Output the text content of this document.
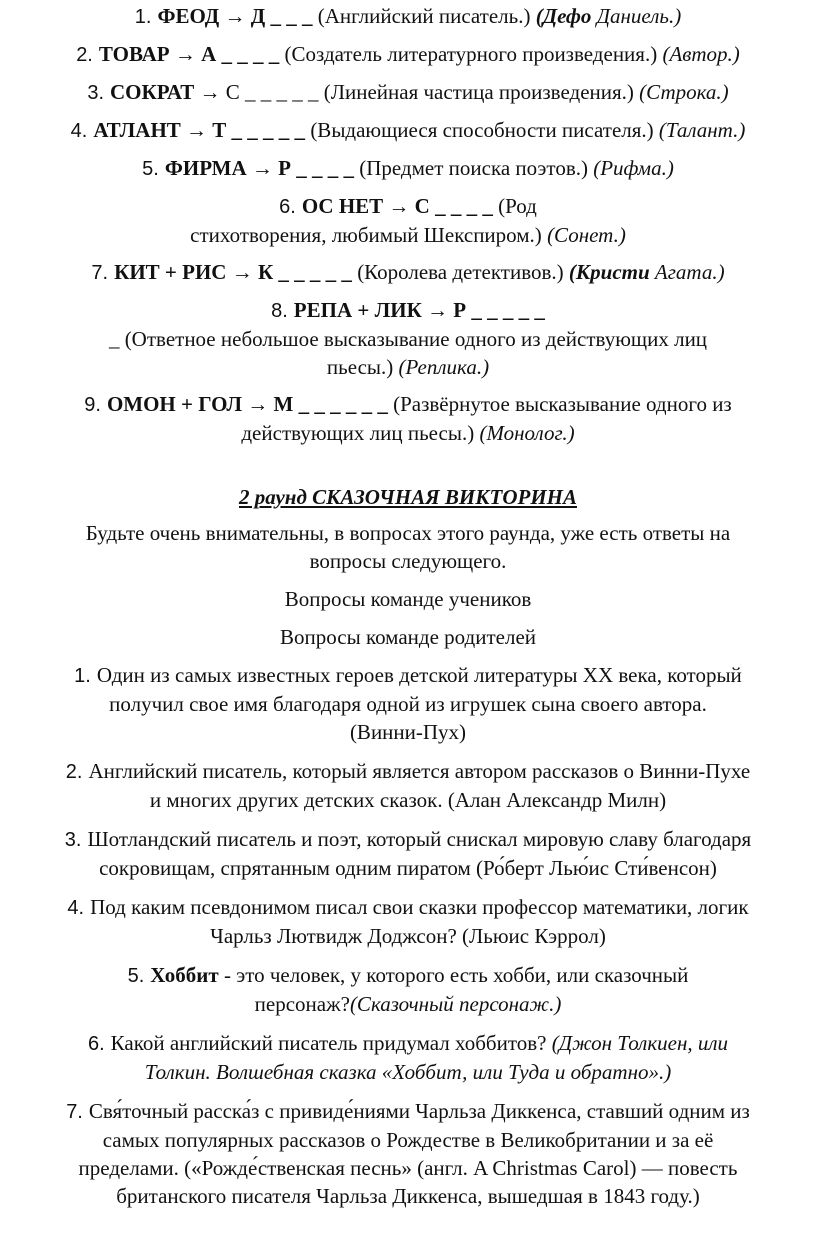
1. ФЕОД → Д _ _ _ (Английский писатель.) (Дефо Даниель.)

2. ТОВАР → А _ _ _ _ (Создатель литературного произведения.) (Автор.)

3. СОКРАТ → С _ _ _ _ _ (Линейная частица произведения.) (Строка.)

4. АТЛАНТ → Т _ _ _ _ _ (Выдающиеся способности писателя.) (Талант.)

5. ФИРМА → Р _ _ _ _ (Предмет поиска поэтов.) (Рифма.)

6. ОС НЕТ → С _ _ _ _ (Род
стихотворения, любимый Шекспиром.) (Сонет.)

7. КИТ + РИС → К _ _ _ _ _ (Королева детективов.) (Кристи Агата.)

8. РЕПА + ЛИК → Р _ _ _ _ _
_ (Ответное небольшое высказывание одного из действующих лиц
пьесы.) (Реплика.)

9. ОМОН + ГОЛ → М _ _ _ _ _ _ (Развёрнутое высказывание одного из
действующих лиц пьесы.) (Монолог.)

2 раунд СКАЗОЧНАЯ ВИКТОРИНА

Будьте очень внимательны, в вопросах этого раунда, уже есть ответы на
вопросы следующего.

Вопросы команде учеников

Вопросы команде родителей

1. Один из самых известных героев детской литературы XX века, который
получил свое имя благодаря одной из игрушек сына своего автора.
(Винни-Пух)

2. Английский писатель, который является автором рассказов о Винни-Пухе
и многих других детских сказок. (Алан Александр Милн)

3. Шотландский писатель и поэт, который снискал мировую славу благодаря
сокровищам, спрятанным одним пиратом (Ро́берт Лью́ис Сти́венсон)

4. Под каким псевдонимом писал свои сказки профессор математики, логик
Чарльз Лютвидж Доджсон? (Льюис Кэррол)

5. Хоббит - это человек, у которого есть хобби, или сказочный
персонаж?(Сказочный персонаж.)

6. Какой английский писатель придумал хоббитов? (Джон Толкиен, или
Толкин. Волшебная сказка «Хоббит, или Туда и обратно».)

7. Свя́точный расска́з с привиде́ниями Чарльза Диккенса, ставший одним из
самых популярных рассказов о Рождестве в Великобритании и за её
пределами. («Рожде́ственская песнь» (англ. A Christmas Carol) — повесть
британского писателя Чарльза Диккенса, вышедшая в 1843 году.)
